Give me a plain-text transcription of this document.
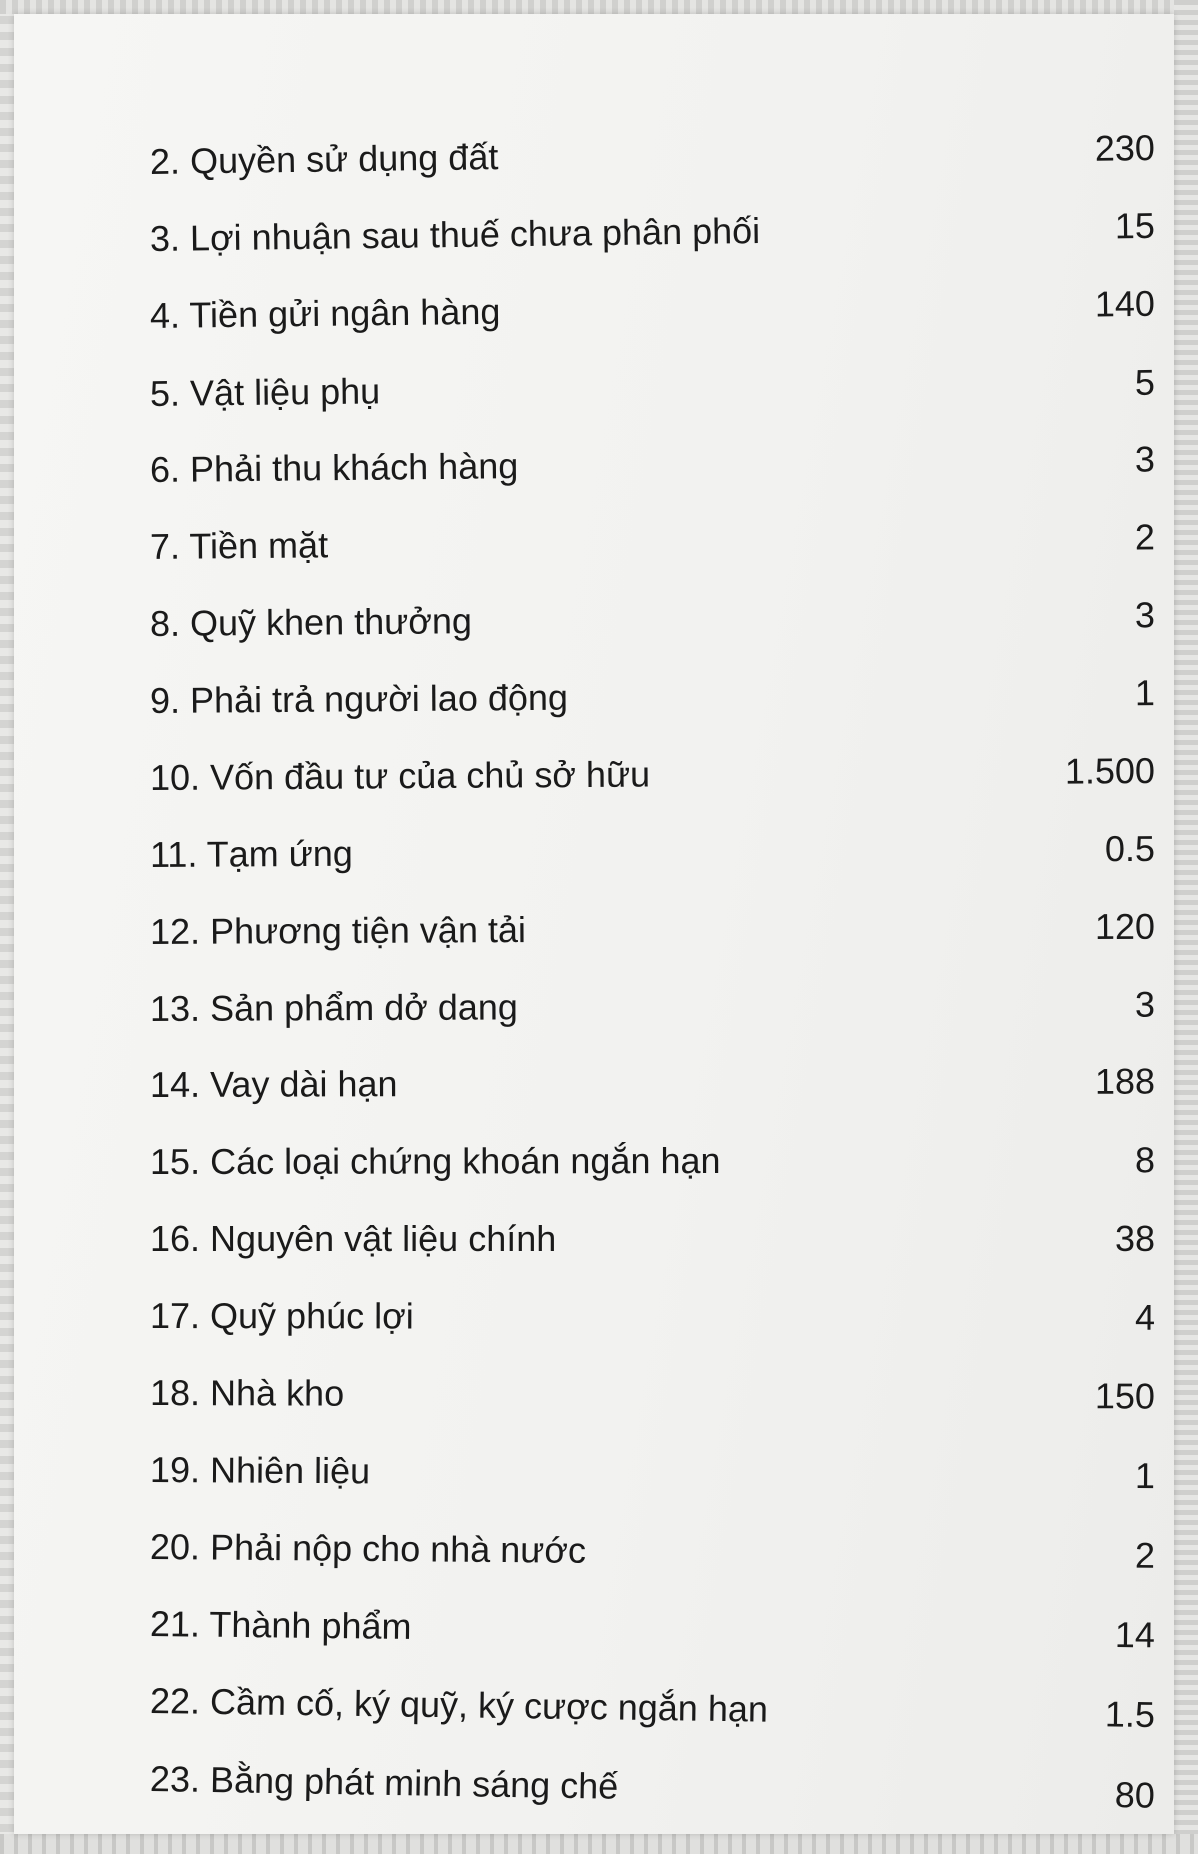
2. Quyền sử dụng đất	230
3. Lợi nhuận sau thuế chưa phân phối	15
4. Tiền gửi ngân hàng	140
5. Vật liệu phụ	5
6. Phải thu khách hàng	3
7. Tiền mặt	2
8. Quỹ khen thưởng	3
9. Phải trả người lao động	1
10. Vốn đầu tư của chủ sở hữu	1.500
11. Tạm ứng	0.5
12. Phương tiện vận tải	120
13. Sản phẩm dở dang	3
14. Vay dài hạn	188
15. Các loại chứng khoán ngắn hạn	8
16. Nguyên vật liệu chính	38
17. Quỹ phúc lợi	4
18. Nhà kho	150
19. Nhiên liệu	1
20. Phải nộp cho nhà nước	2
21. Thành phẩm	14
22. Cầm cố, ký quỹ, ký cược ngắn hạn	1.5
23. Bằng phát minh sáng chế	80
